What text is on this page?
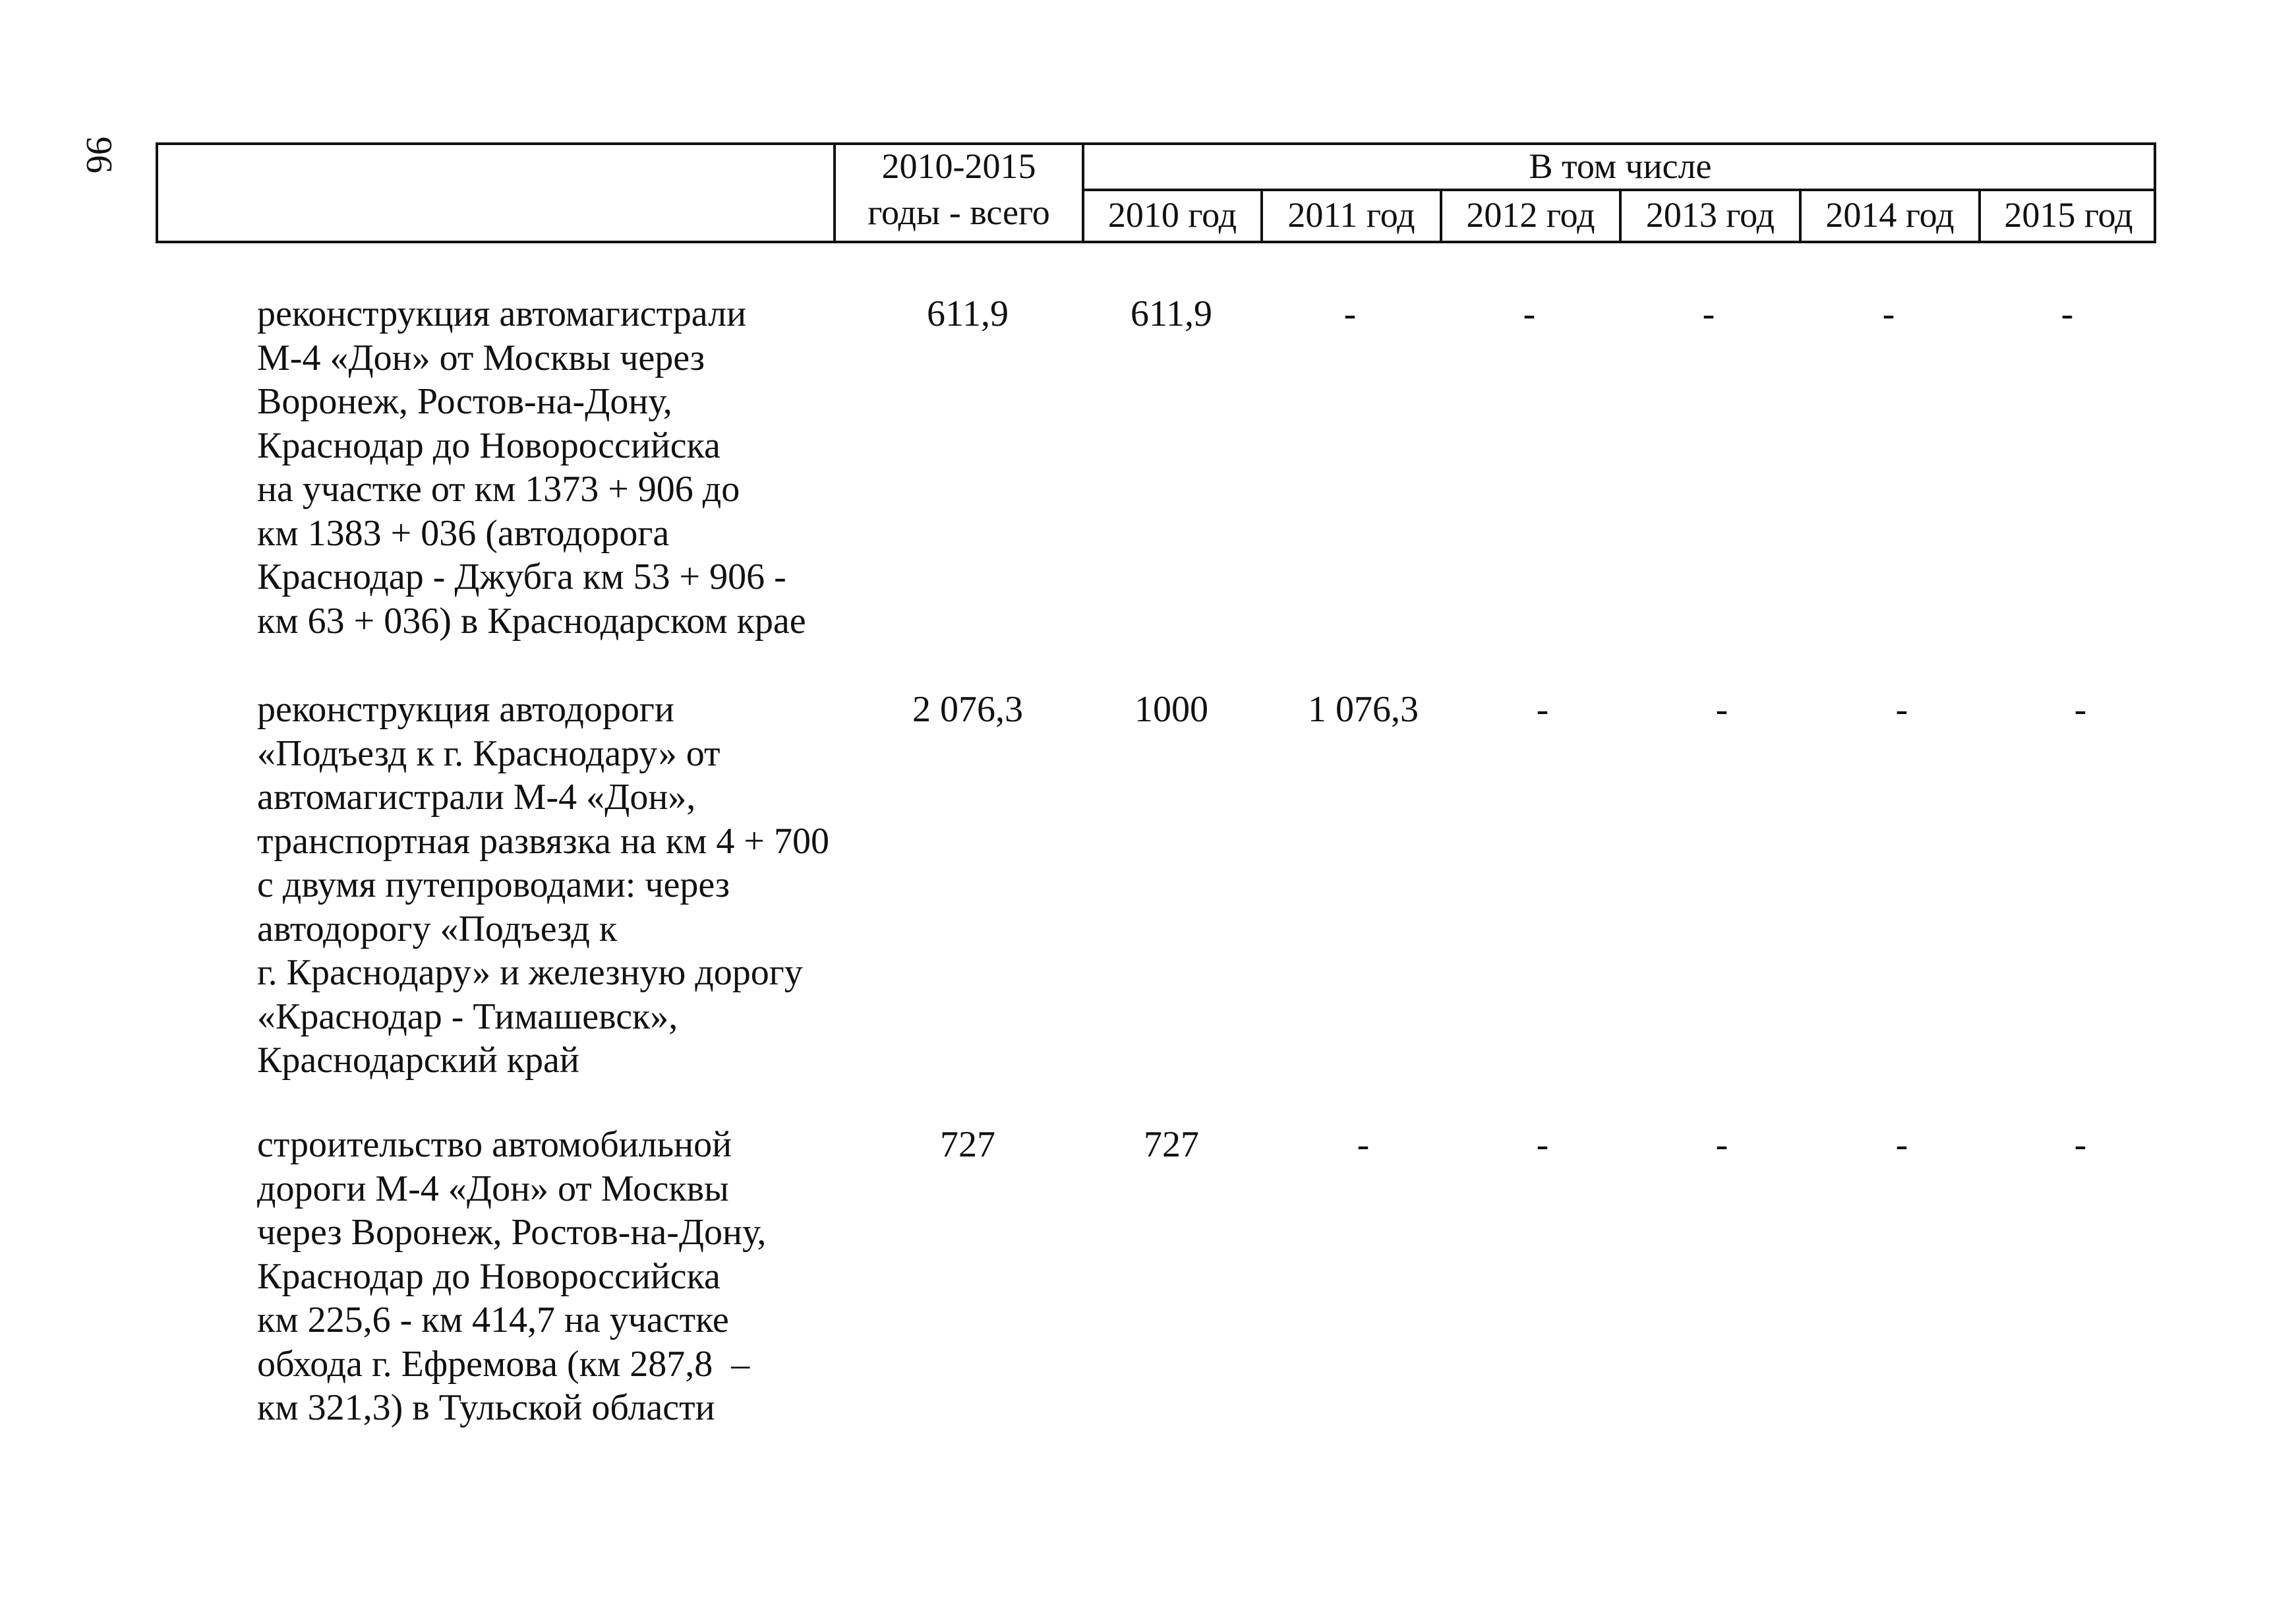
96	2010-2015
годы - всего
В том числе
2010 год	2011 год	2012 год	2013 год	2014 год	2015 год
реконструкция автомагистрали
М-4 «Дон» от Москвы через
Воронеж, Ростов-на-Дону,
Краснодар до Новороссийска
на участке от км 1373 + 906 до
км 1383 + 036 (автодорога
Краснодар - Джубга км 53 + 906 -
км 63 + 036) в Краснодарском крае
611,9	611,9	-	-	-	-	-
реконструкция автодороги
«Подъезд к г. Краснодару» от
автомагистрали М-4 «Дон»,
транспортная развязка на км 4 + 700
с двумя путепроводами: через
автодорогу «Подъезд к
г. Краснодару» и железную дорогу
«Краснодар - Тимашевск»,
Краснодарский край
2 076,3	1000	1 076,3	-	-	-	-
строительство автомобильной
дороги М-4 «Дон» от Москвы
через Воронеж, Ростов-на-Дону,
Краснодар до Новороссийска
км 225,6 - км 414,7 на участке
обхода г. Ефремова (км 287,8  –
км 321,3) в Тульской области
727	727	-	-	-	-	-
